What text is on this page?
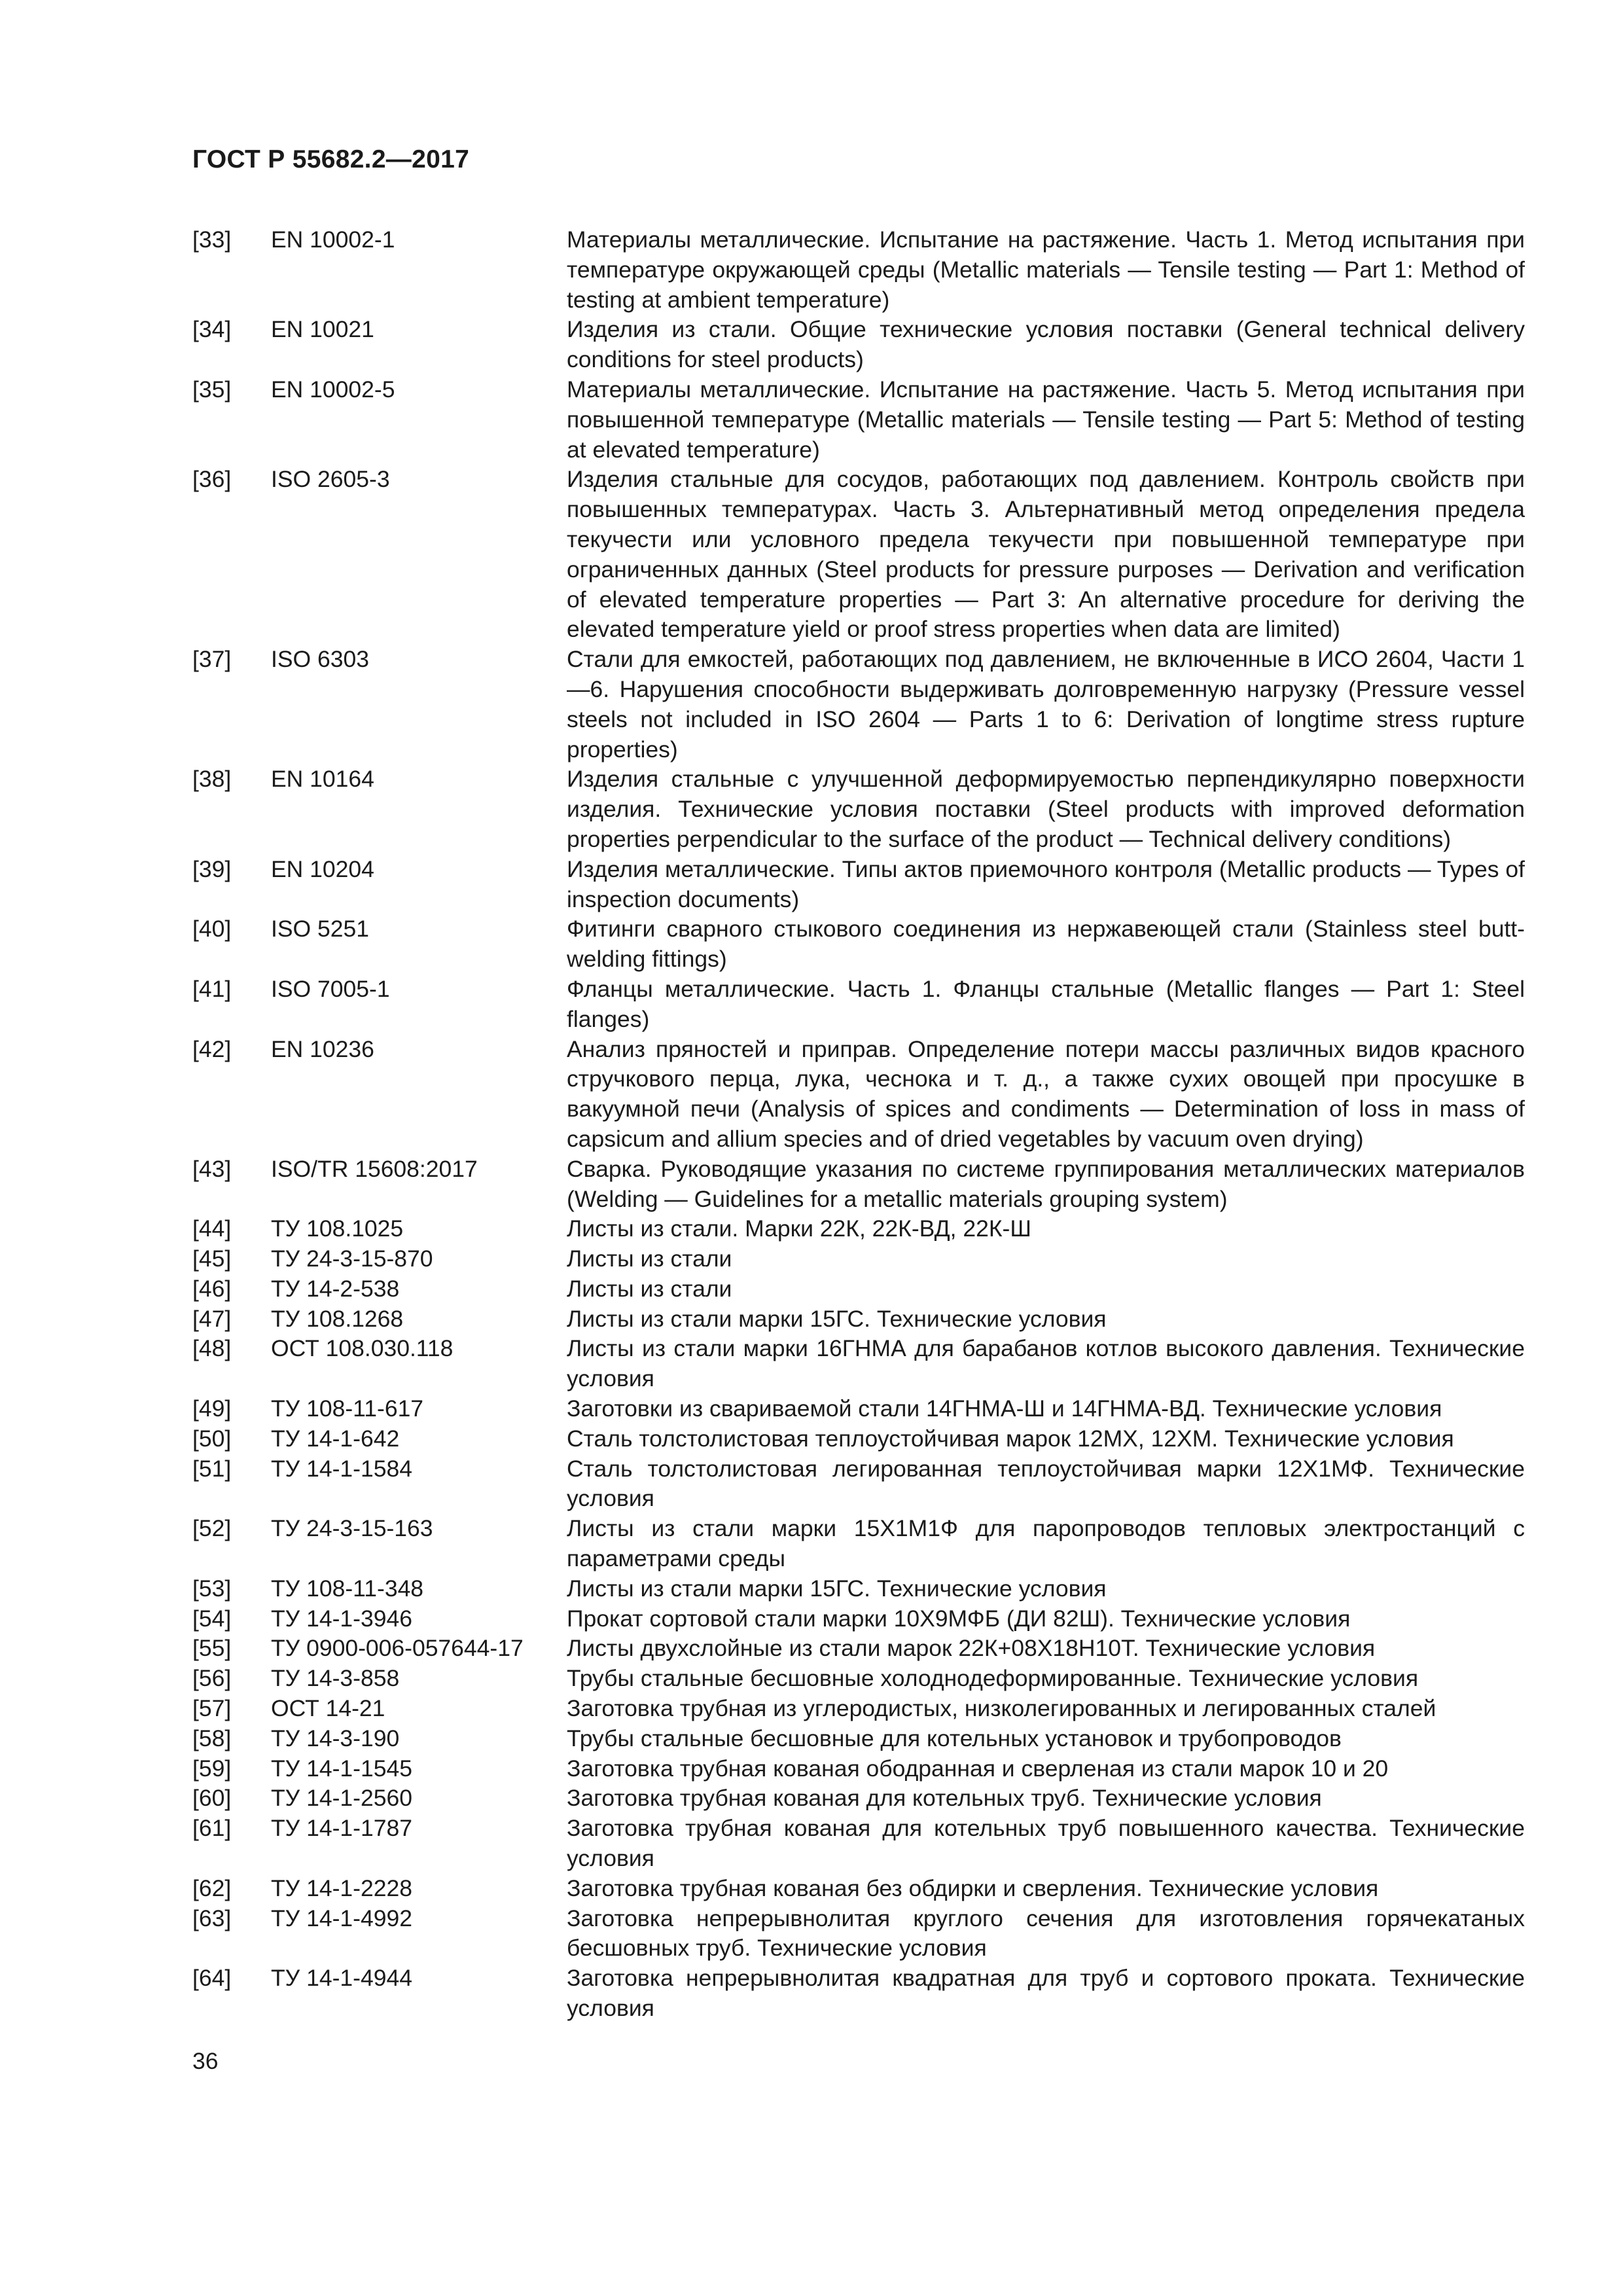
ГОСТ Р 55682.2—2017
[33] EN 10002-1	Материалы металлические. Испытание на растяжение. Часть 1. Метод испытания при температуре окружающей среды (Metallic materials — Tensile testing — Part 1: Method of testing at ambient temperature)
[34] EN 10021	Изделия из стали. Общие технические условия поставки (General technical delivery conditions for steel products)
[35] EN 10002-5	Материалы металлические. Испытание на растяжение. Часть 5. Метод испытания при повышенной температуре (Metallic materials — Tensile testing — Part 5: Method of testing at elevated temperature)
[36] ISO 2605-3	Изделия стальные для сосудов, работающих под давлением. Контроль свойств при повышенных температурах. Часть 3. Альтернативный метод определения предела текучести или условного предела текучести при повышенной температуре при ограниченных данных (Steel products for pressure purposes — Derivation and verification of elevated temperature properties — Part 3: An alternative procedure for deriving the elevated temperature yield or proof stress properties when data are limited)
[37] ISO 6303	Стали для емкостей, работающих под давлением, не включенные в ИСО 2604, Части 1—6. Нарушения способности выдерживать долговременную нагрузку (Pressure vessel steels not included in ISO 2604 — Parts 1 to 6: Derivation of longtime stress rupture properties)
[38] EN 10164	Изделия стальные с улучшенной деформируемостью перпендикулярно поверхности изделия. Технические условия поставки (Steel products with improved deformation properties perpendicular to the surface of the product — Technical delivery conditions)
[39] EN 10204	Изделия металлические. Типы актов приемочного контроля (Metallic products — Types of inspection documents)
[40] ISO 5251	Фитинги сварного стыкового соединения из нержавеющей стали (Stainless steel butt-welding fittings)
[41] ISO 7005-1	Фланцы металлические. Часть 1. Фланцы стальные (Metallic flanges — Part 1: Steel flanges)
[42] EN 10236	Анализ пряностей и приправ. Определение потери массы различных видов красного стручкового перца, лука, чеснока и т. д., а также сухих овощей при просушке в вакуумной печи (Analysis of spices and condiments — Determination of loss in mass of capsicum and allium species and of dried vegetables by vacuum oven drying)
[43] ISO/TR 15608:2017	Сварка. Руководящие указания по системе группирования металлических материалов (Welding — Guidelines for a metallic materials grouping system)
[44] ТУ 108.1025	Листы из стали. Марки 22К, 22К-ВД, 22К-Ш
[45] ТУ 24-3-15-870	Листы из стали
[46] ТУ 14-2-538	Листы из стали
[47] ТУ 108.1268	Листы из стали марки 15ГС. Технические условия
[48] ОСТ 108.030.118	Листы из стали марки 16ГНМА для барабанов котлов высокого давления. Технические условия
[49] ТУ 108-11-617	Заготовки из свариваемой стали 14ГНМА-Ш и 14ГНМА-ВД. Технические условия
[50] ТУ 14-1-642	Сталь толстолистовая теплоустойчивая марок 12МХ, 12ХМ. Технические условия
[51] ТУ 14-1-1584	Сталь толстолистовая легированная теплоустойчивая марки 12Х1МФ. Технические условия
[52] ТУ 24-3-15-163	Листы из стали марки 15Х1М1Ф для паропроводов тепловых электростанций с параметрами среды
[53] ТУ 108-11-348	Листы из стали марки 15ГС. Технические условия
[54] ТУ 14-1-3946	Прокат сортовой стали марки 10Х9МФБ (ДИ 82Ш). Технические условия
[55] ТУ 0900-006-057644-17 Листы двухслойные из стали марок 22К+08Х18Н10Т. Технические условия
[56] ТУ 14-3-858	Трубы стальные бесшовные холоднодеформированные. Технические условия
[57] ОСТ 14-21	Заготовка трубная из углеродистых, низколегированных и легированных сталей
[58] ТУ 14-3-190	Трубы стальные бесшовные для котельных установок и трубопроводов
[59] ТУ 14-1-1545	Заготовка трубная кованая ободранная и сверленая из стали марок 10 и 20
[60] ТУ 14-1-2560	Заготовка трубная кованая для котельных труб. Технические условия
[61] ТУ 14-1-1787	Заготовка трубная кованая для котельных труб повышенного качества. Технические условия
[62] ТУ 14-1-2228	Заготовка трубная кованая без обдирки и сверления. Технические условия
[63] ТУ 14-1-4992	Заготовка непрерывнолитая круглого сечения для изготовления горячекатаных бесшовных труб. Технические условия
[64] ТУ 14-1-4944	Заготовка непрерывнолитая квадратная для труб и сортового проката. Технические условия
36
